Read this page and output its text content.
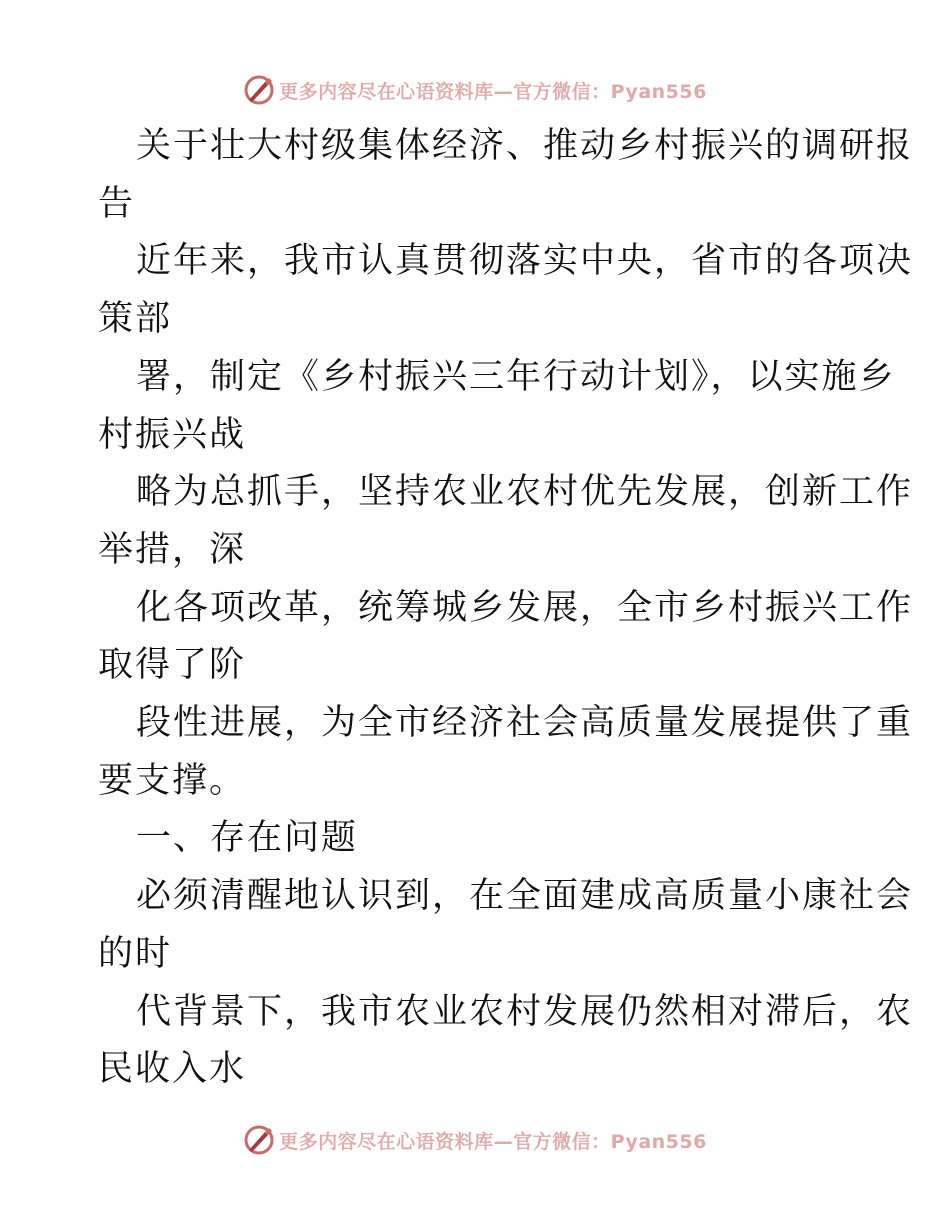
更多内容尽在心语资料库—官方微信：Pyan556
关于壮大村级集体经济、推动乡村振兴的调研报
告
近年来，我市认真贯彻落实中央，省市的各项决
策部
署，制定《乡村振兴三年行动计划》，以实施乡
村振兴战
略为总抓手，坚持农业农村优先发展，创新工作
举措，深
化各项改革，统筹城乡发展，全市乡村振兴工作
取得了阶
段性进展，为全市经济社会高质量发展提供了重
要支撑。
一、存在问题
必须清醒地认识到，在全面建成高质量小康社会
的时
代背景下，我市农业农村发展仍然相对滞后，农
民收入水
更多内容尽在心语资料库—官方微信：Pyan556
